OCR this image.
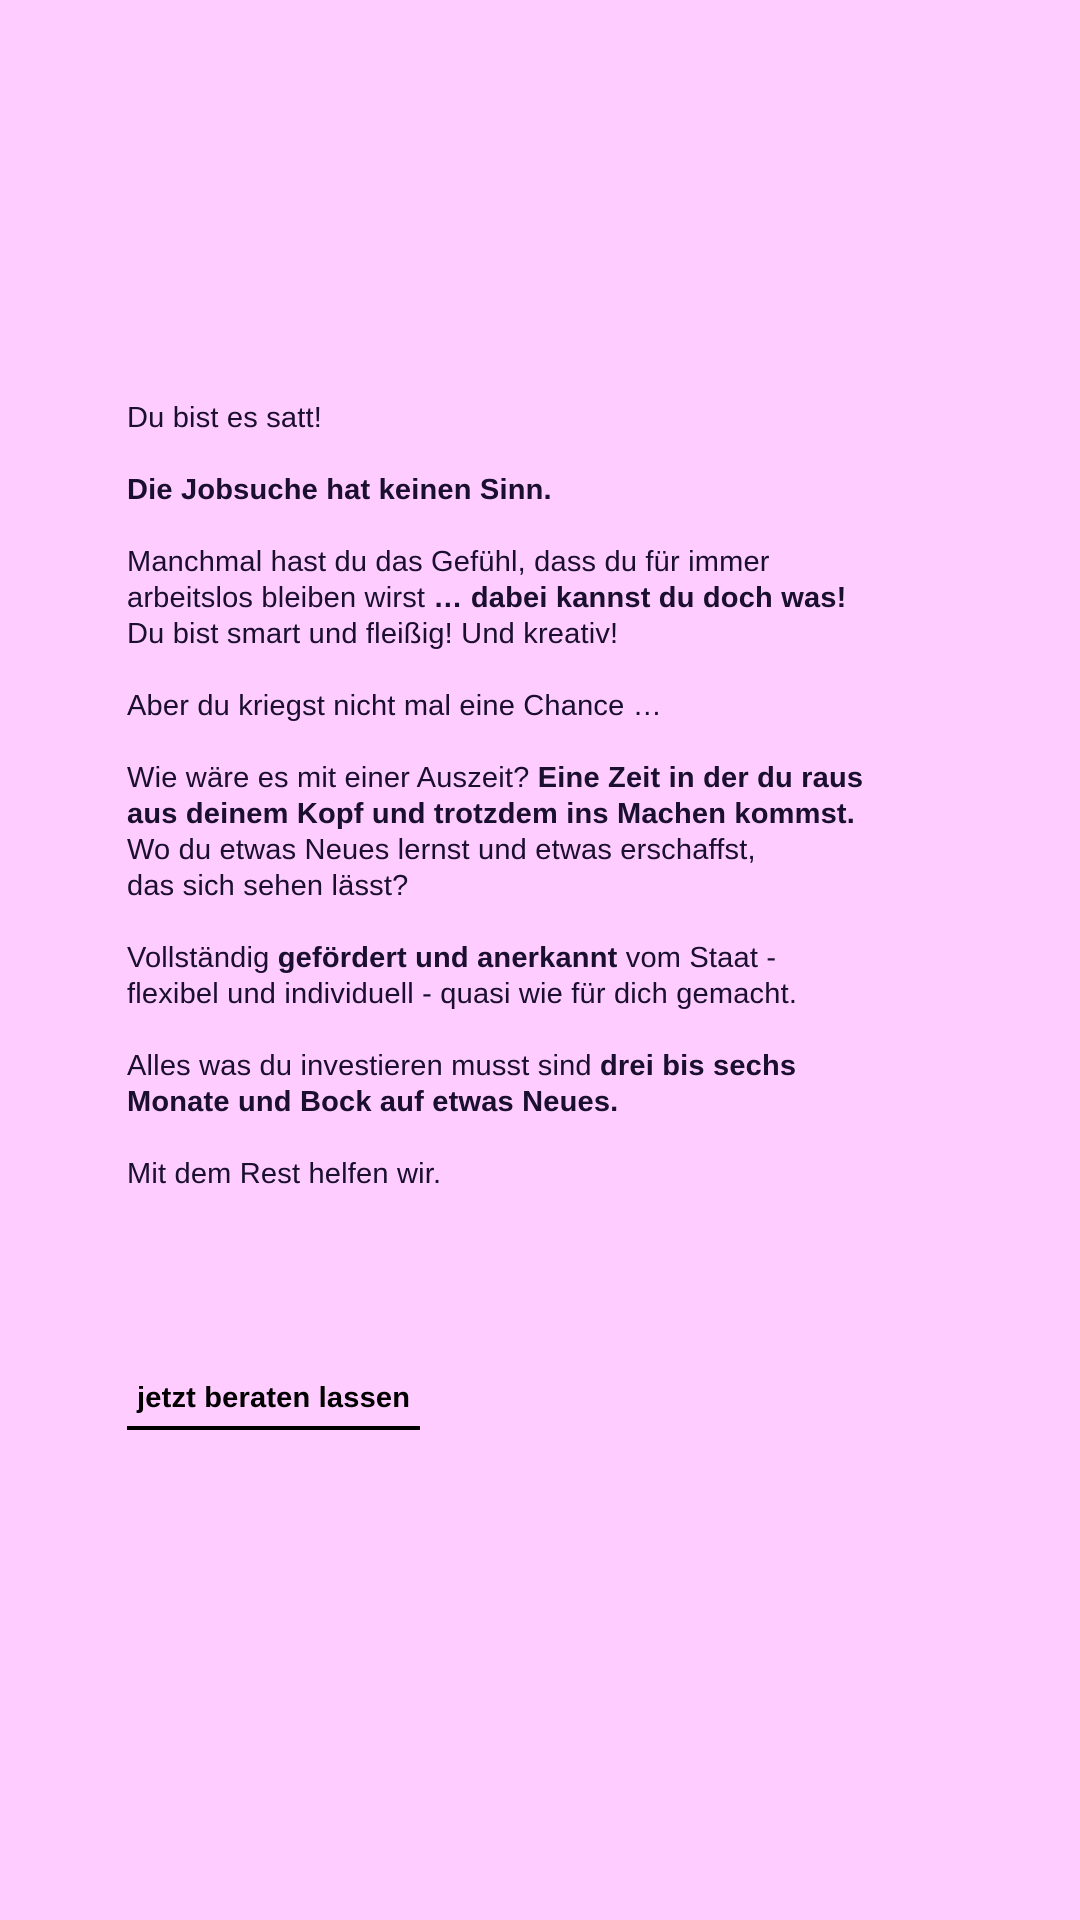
Du bist es satt!

Die Jobsuche hat keinen Sinn.

Manchmal hast du das Gefühl, dass du für immer
arbeitslos bleiben wirst … dabei kannst du doch was!
Du bist smart und fleißig! Und kreativ!

Aber du kriegst nicht mal eine Chance …

Wie wäre es mit einer Auszeit? Eine Zeit in der du raus
aus deinem Kopf und trotzdem ins Machen kommst.
Wo du etwas Neues lernst und etwas erschaffst,
das sich sehen lässt?

Vollständig gefördert und anerkannt vom Staat -
flexibel und individuell - quasi wie für dich gemacht.

Alles was du investieren musst sind drei bis sechs
Monate und Bock auf etwas Neues.

Mit dem Rest helfen wir.

jetzt beraten lassen
